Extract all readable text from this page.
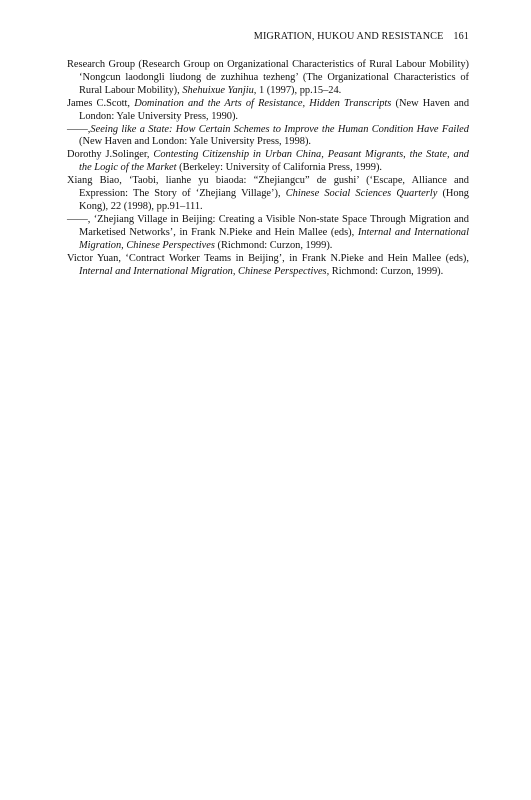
MIGRATION, HUKOU AND RESISTANCE 161
Research Group (Research Group on Organizational Characteristics of Rural Labour Mobility) ‘Nongcun laodongli liudong de zuzhihua tezheng’ (The Organizational Characteristics of Rural Labour Mobility), Shehuixue Yanjiu, 1 (1997), pp.15–24.
James C.Scott, Domination and the Arts of Resistance, Hidden Transcripts (New Haven and London: Yale University Press, 1990).
——,Seeing like a State: How Certain Schemes to Improve the Human Condition Have Failed (New Haven and London: Yale University Press, 1998).
Dorothy J.Solinger, Contesting Citizenship in Urban China, Peasant Migrants, the State, and the Logic of the Market (Berkeley: University of California Press, 1999).
Xiang Biao, ‘Taobi, lianhe yu biaoda: “Zhejiangcu” de gushi’ (‘Escape, Alliance and Expression: The Story of ‘Zhejiang Village’), Chinese Social Sciences Quarterly (Hong Kong), 22 (1998), pp.91–111.
——, ‘Zhejiang Village in Beijing: Creating a Visible Non-state Space Through Migration and Marketised Networks’, in Frank N.Pieke and Hein Mallee (eds), Internal and International Migration, Chinese Perspectives (Richmond: Curzon, 1999).
Victor Yuan, ‘Contract Worker Teams in Beijing’, in Frank N.Pieke and Hein Mallee (eds), Internal and International Migration, Chinese Perspectives, Richmond: Curzon, 1999).
